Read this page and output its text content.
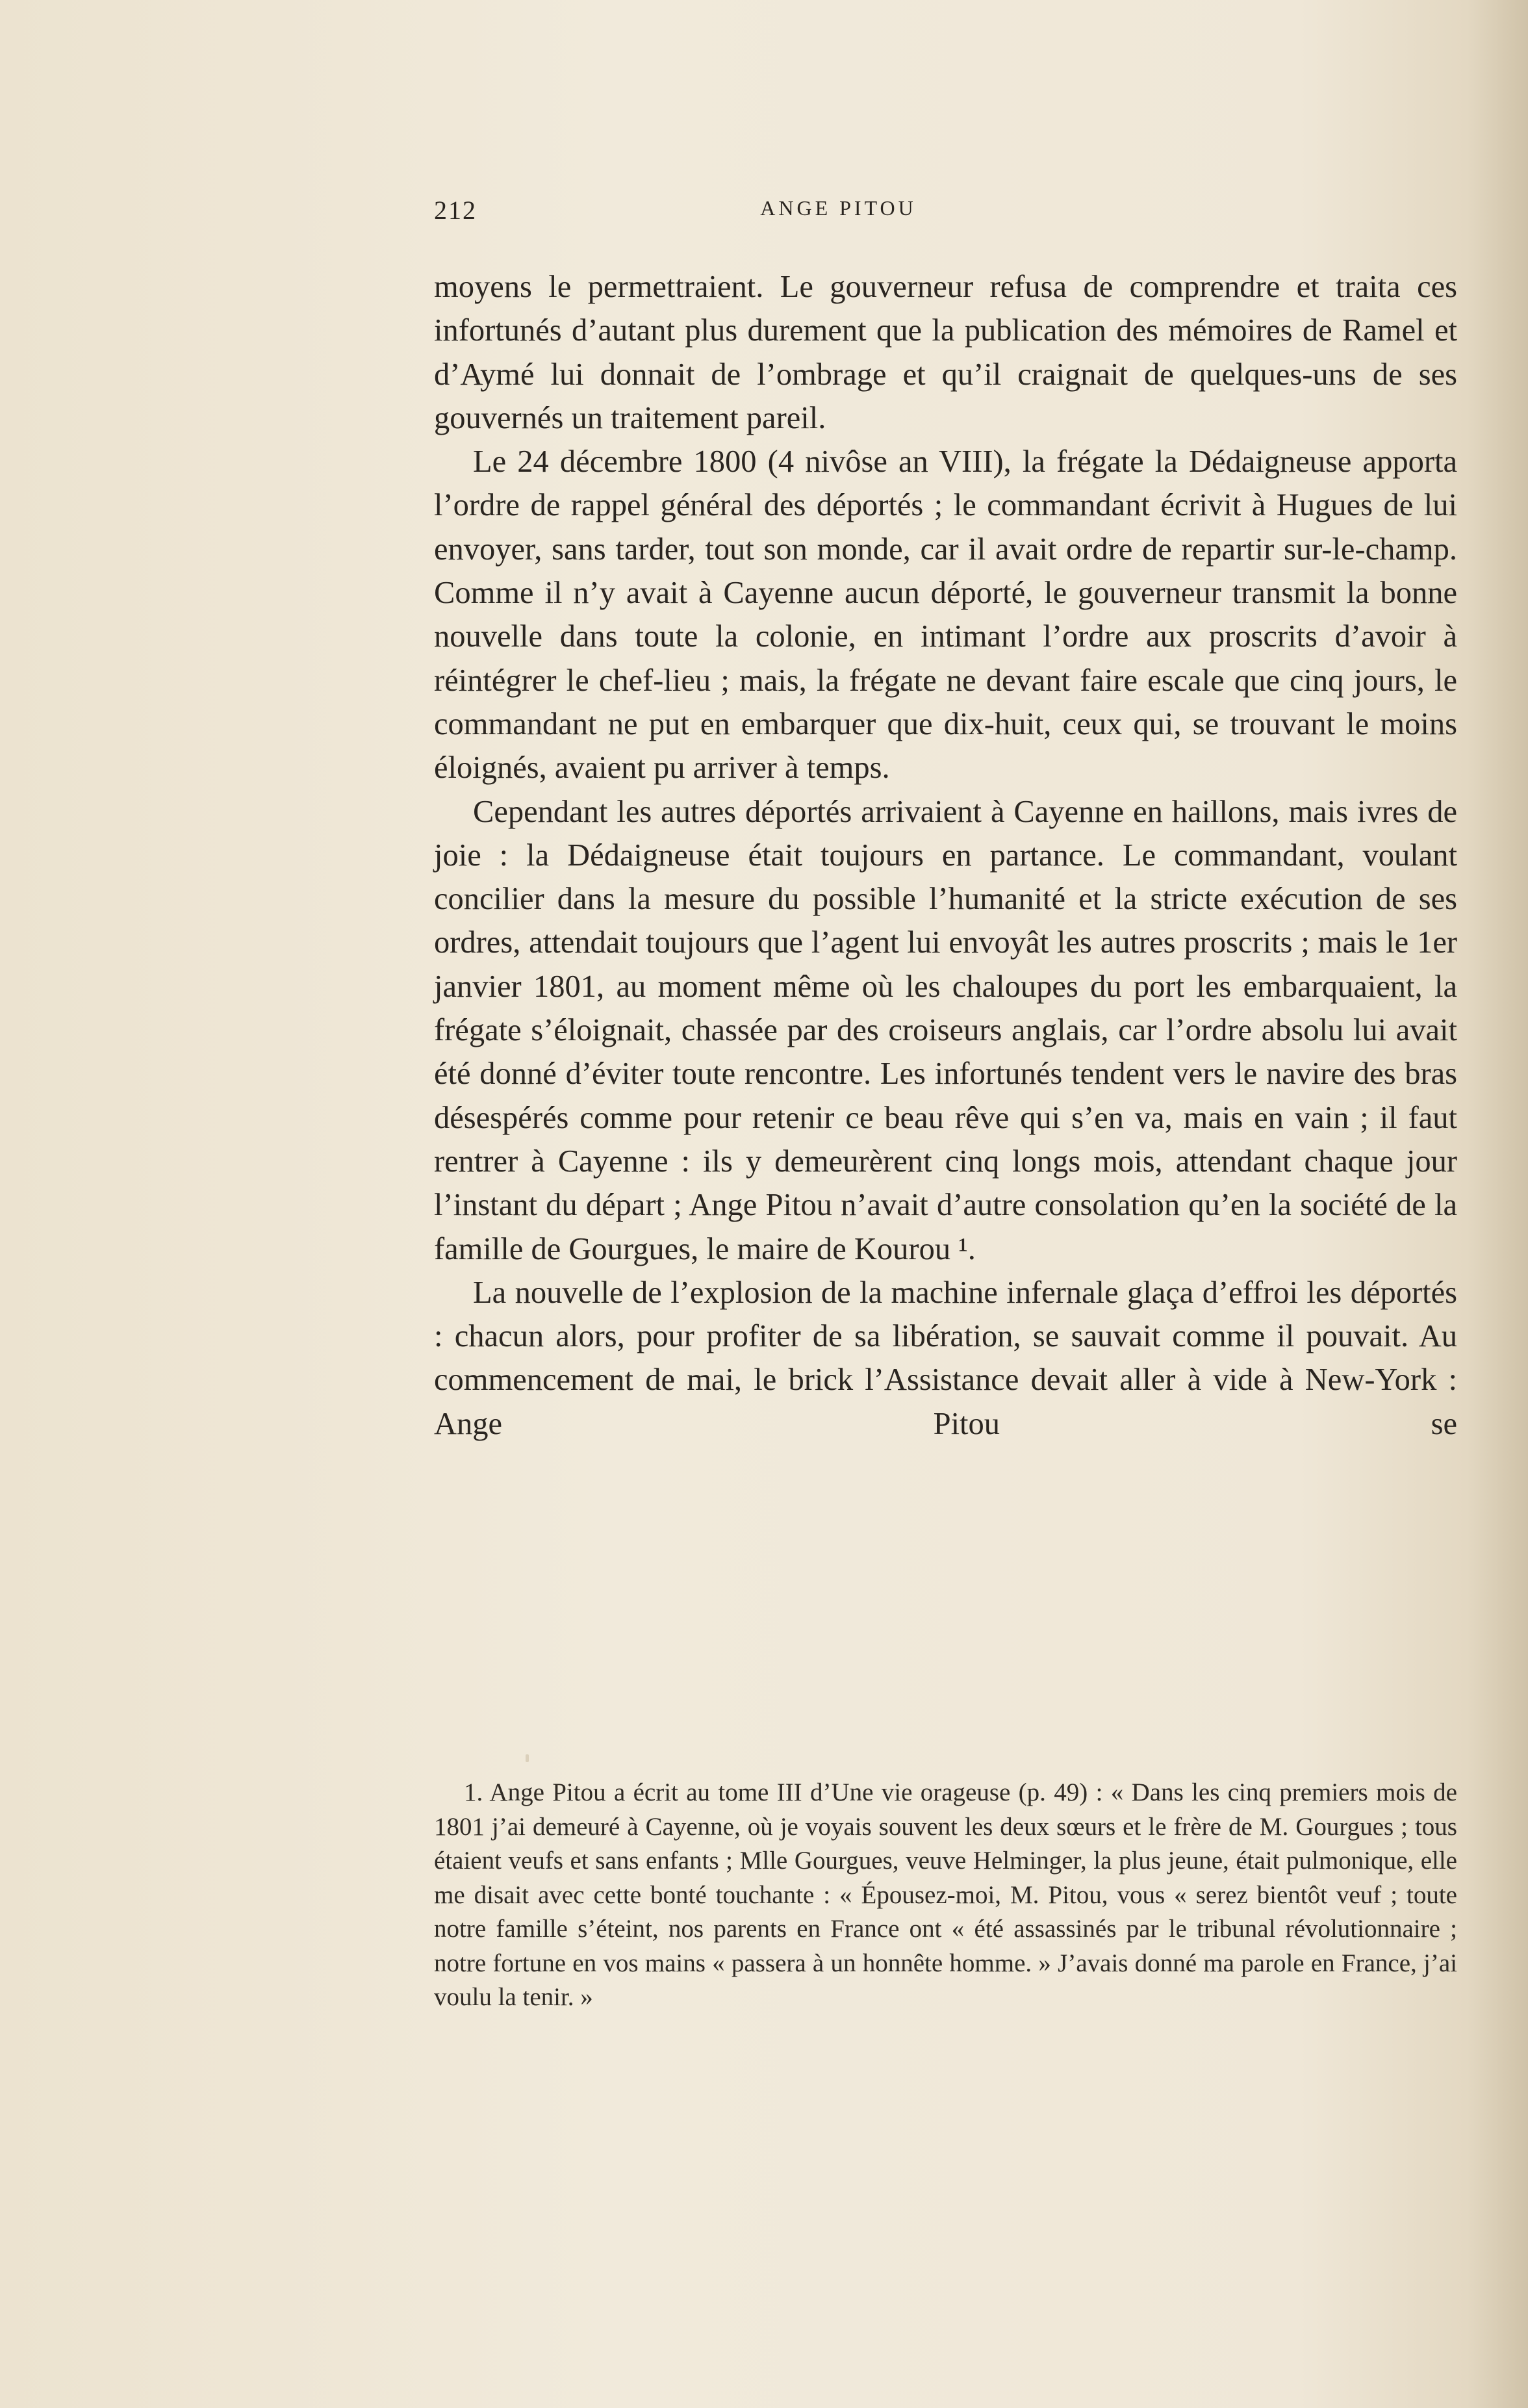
212	ANGE PITOU

moyens le permettraient. Le gouverneur refusa de comprendre et traita ces infortunés d’autant plus durement que la publication des mémoires de Ramel et d’Aymé lui donnait de l’ombrage et qu’il craignait de quelques-uns de ses gouvernés un traitement pareil.

Le 24 décembre 1800 (4 nivôse an VIII), la frégate la Dédaigneuse apporta l’ordre de rappel général des déportés ; le commandant écrivit à Hugues de lui envoyer, sans tarder, tout son monde, car il avait ordre de repartir sur-le-champ. Comme il n’y avait à Cayenne aucun déporté, le gouverneur transmit la bonne nouvelle dans toute la colonie, en intimant l’ordre aux proscrits d’avoir à réintégrer le chef-lieu ; mais, la frégate ne devant faire escale que cinq jours, le commandant ne put en embarquer que dix-huit, ceux qui, se trouvant le moins éloignés, avaient pu arriver à temps.

Cependant les autres déportés arrivaient à Cayenne en haillons, mais ivres de joie : la Dédaigneuse était toujours en partance. Le commandant, voulant concilier dans la mesure du possible l’humanité et la stricte exécution de ses ordres, attendait toujours que l’agent lui envoyât les autres proscrits ; mais le 1er janvier 1801, au moment même où les chaloupes du port les embarquaient, la frégate s’éloignait, chassée par des croiseurs anglais, car l’ordre absolu lui avait été donné d’éviter toute rencontre. Les infortunés tendent vers le navire des bras désespérés comme pour retenir ce beau rêve qui s’en va, mais en vain ; il faut rentrer à Cayenne : ils y demeurèrent cinq longs mois, attendant chaque jour l’instant du départ ; Ange Pitou n’avait d’autre consolation qu’en la société de la famille de Gourgues, le maire de Kourou ¹.

La nouvelle de l’explosion de la machine infernale glaça d’effroi les déportés : chacun alors, pour profiter de sa libération, se sauvait comme il pouvait. Au commencement de mai, le brick l’Assistance devait aller à vide à New-York : Ange Pitou se

1. Ange Pitou a écrit au tome III d’Une vie orageuse (p. 49) : « Dans les cinq premiers mois de 1801 j’ai demeuré à Cayenne, où je voyais souvent les deux sœurs et le frère de M. Gourgues ; tous étaient veufs et sans enfants ; Mlle Gourgues, veuve Helminger, la plus jeune, était pulmonique, elle me disait avec cette bonté touchante : « Épousez-moi, M. Pitou, vous « serez bientôt veuf ; toute notre famille s’éteint, nos parents en France ont « été assassinés par le tribunal révolutionnaire ; notre fortune en vos mains « passera à un honnête homme. » J’avais donné ma parole en France, j’ai voulu la tenir. »
